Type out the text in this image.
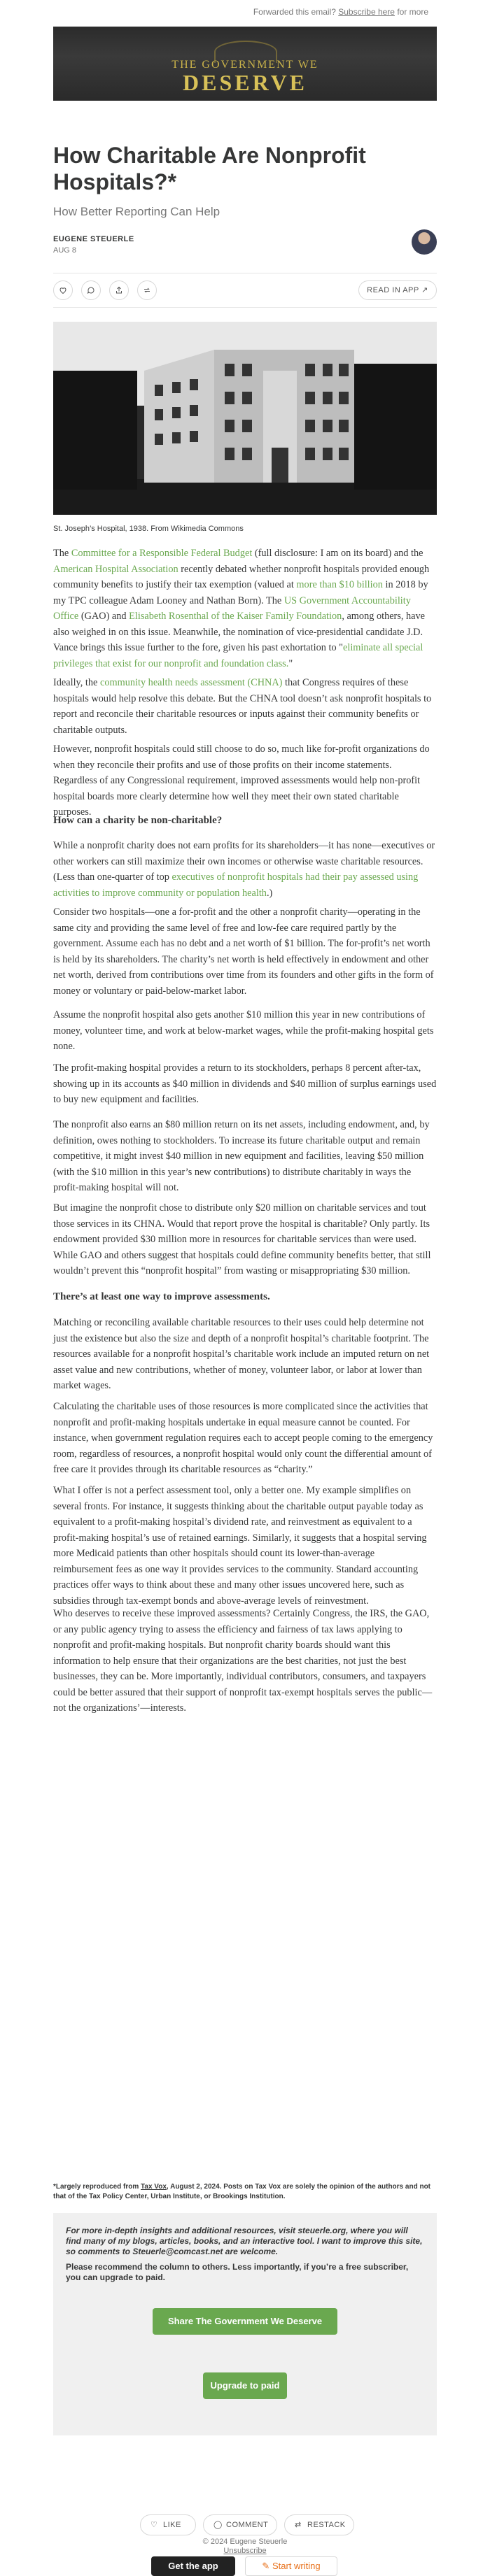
Forwarded this email? Subscribe here for more
THE GOVERNMENT WE
DESERVE
How Charitable Are Nonprofit Hospitals?*
How Better Reporting Can Help
EUGENE STEUERLE
AUG 8
READ IN APP ↗
St. Joseph’s Hospital, 1938. From Wikimedia Commons

The Committee for a Responsible Federal Budget (full disclosure: I am on its board) and the American Hospital Association recently debated whether nonprofit hospitals provided enough community benefits to justify their tax exemption (valued at more than $10 billion in 2018 by my TPC colleague Adam Looney and Nathan Born). The US Government Accountability Office (GAO) and Elisabeth Rosenthal of the Kaiser Family Foundation, among others, have also weighed in on this issue. Meanwhile, the nomination of vice-presidential candidate J.D. Vance brings this issue further to the fore, given his past exhortation to "eliminate all special privileges that exist for our nonprofit and foundation class."

Ideally, the community health needs assessment (CHNA) that Congress requires of these hospitals would help resolve this debate. But the CHNA tool doesn’t ask nonprofit hospitals to report and reconcile their charitable resources or inputs against their community benefits or charitable outputs.

However, nonprofit hospitals could still choose to do so, much like for-profit organizations do when they reconcile their profits and use of those profits on their income statements. Regardless of any Congressional requirement, improved assessments would help non-profit hospital boards more clearly determine how well they meet their own stated charitable purposes.

How can a charity be non-charitable?

While a nonprofit charity does not earn profits for its shareholders—it has none—executives or other workers can still maximize their own incomes or otherwise waste charitable resources. (Less than one-quarter of top executives of nonprofit hospitals had their pay assessed using activities to improve community or population health.)

Consider two hospitals—one a for-profit and the other a nonprofit charity—operating in the same city and providing the same level of free and low-fee care required partly by the government. Assume each has no debt and a net worth of $1 billion. The for-profit’s net worth is held by its shareholders. The charity’s net worth is held effectively in endowment and other net worth, derived from contributions over time from its founders and other gifts in the form of money or voluntary or paid-below-market labor.

Assume the nonprofit hospital also gets another $10 million this year in new contributions of money, volunteer time, and work at below-market wages, while the profit-making hospital gets none.

The profit-making hospital provides a return to its stockholders, perhaps 8 percent after-tax, showing up in its accounts as $40 million in dividends and $40 million of surplus earnings used to buy new equipment and facilities.

The nonprofit also earns an $80 million return on its net assets, including endowment, and, by definition, owes nothing to stockholders. To increase its future charitable output and remain competitive, it might invest $40 million in new equipment and facilities, leaving $50 million (with the $10 million in this year’s new contributions) to distribute charitably in ways the profit-making hospital will not.

But imagine the nonprofit chose to distribute only $20 million on charitable services and tout those services in its CHNA. Would that report prove the hospital is charitable? Only partly. Its endowment provided $30 million more in resources for charitable services than were used. While GAO and others suggest that hospitals could define community benefits better, that still wouldn’t prevent this “nonprofit hospital” from wasting or misappropriating $30 million.

There’s at least one way to improve assessments.

Matching or reconciling available charitable resources to their uses could help determine not just the existence but also the size and depth of a nonprofit hospital’s charitable footprint. The resources available for a nonprofit hospital’s charitable work include an imputed return on net asset value and new contributions, whether of money, volunteer labor, or labor at lower than market wages.

Calculating the charitable uses of those resources is more complicated since the activities that nonprofit and profit-making hospitals undertake in equal measure cannot be counted. For instance, when government regulation requires each to accept people coming to the emergency room, regardless of resources, a nonprofit hospital would only count the differential amount of free care it provides through its charitable resources as “charity.”

What I offer is not a perfect assessment tool, only a better one. My example simplifies on several fronts. For instance, it suggests thinking about the charitable output payable today as equivalent to a profit-making hospital’s dividend rate, and reinvestment as equivalent to a profit-making hospital’s use of retained earnings. Similarly, it suggests that a hospital serving more Medicaid patients than other hospitals should count its lower-than-average reimbursement fees as one way it provides services to the community. Standard accounting practices offer ways to think about these and many other issues uncovered here, such as subsidies through tax-exempt bonds and above-average levels of reinvestment.

Who deserves to receive these improved assessments? Certainly Congress, the IRS, the GAO, or any public agency trying to assess the efficiency and fairness of tax laws applying to nonprofit and profit-making hospitals. But nonprofit charity boards should want this information to help ensure that their organizations are the best charities, not just the best businesses, they can be. More importantly, individual contributors, consumers, and taxpayers could be better assured that their support of nonprofit tax-exempt hospitals serves the public—not the organizations’—interests.

*Largely reproduced from Tax Vox, August 2, 2024. Posts on Tax Vox are solely the opinion of the authors and not that of the Tax Policy Center, Urban Institute, or Brookings Institution.
For more in-depth insights and additional resources, visit steuerle.org, where you will find many of my blogs, articles, books, and an interactive tool. I want to improve this site, so comments to Steuerle@comcast.net are welcome.
Please recommend the column to others. Less importantly, if you’re a free subscriber, you can upgrade to paid.
Share The Government We Deserve
Upgrade to paid
♡ LIKE	◯ COMMENT	⇄ RESTACK
© 2024 Eugene Steuerle
Unsubscribe
Get the app	✎ Start writing
